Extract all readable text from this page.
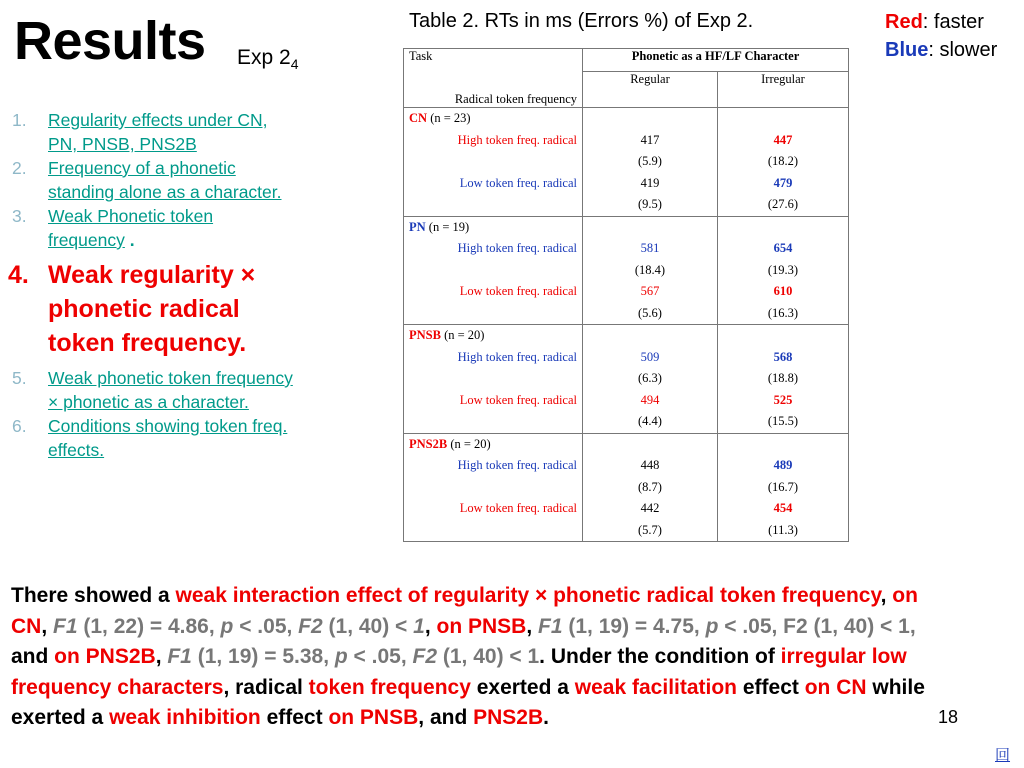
Results Exp $2_4$
Table 2. RTs in ms (Errors %) of Exp 2.	Red: faster
Blue: slower
1. Regularity effects under CN, PN, PNSB, PNS2B
2. Frequency of a phonetic standing alone as a character.
3. Weak Phonetic token frequency .
4. Weak regularity × phonetic radical token frequency.
5. Weak phonetic token frequency × phonetic as a character.
6. Conditions showing token freq. effects.
Task	Phonetic as a HF/LF Character	
Radical token frequency	Regular	Irregular
CN (n = 23)		
High token freq. radical	417	447
	(5.9)	(18.2)
Low token freq. radical	419	479
	(9.5)	(27.6)
PN (n = 19)		
High token freq. radical	581	654
	(18.4)	(19.3)
Low token freq. radical	567	610
	(5.6)	(16.3)
PNSB (n = 20)		
High token freq. radical	509	568
	(6.3)	(18.8)
Low token freq. radical	494	525
	(4.4)	(15.5)
PNS2B (n = 20)		
High token freq. radical	448	489
	(8.7)	(16.7)
Low token freq. radical	442	454
	(5.7)	(11.3)
There showed a weak interaction effect of regularity × phonetic radical token frequency, on CN, F1 (1, 22) = 4.86, p < .05, F2 (1, 40) < 1, on PNSB, F1 (1, 19) = 4.75, p < .05, F2 (1, 40) < 1, and on PNS2B, F1 (1, 19) = 5.38, p < .05, F2 (1, 40) < 1. Under the condition of irregular low frequency characters, radical token frequency exerted a weak facilitation effect on CN while exerted a weak inhibition effect on PNSB, and PNS2B.	18
回
